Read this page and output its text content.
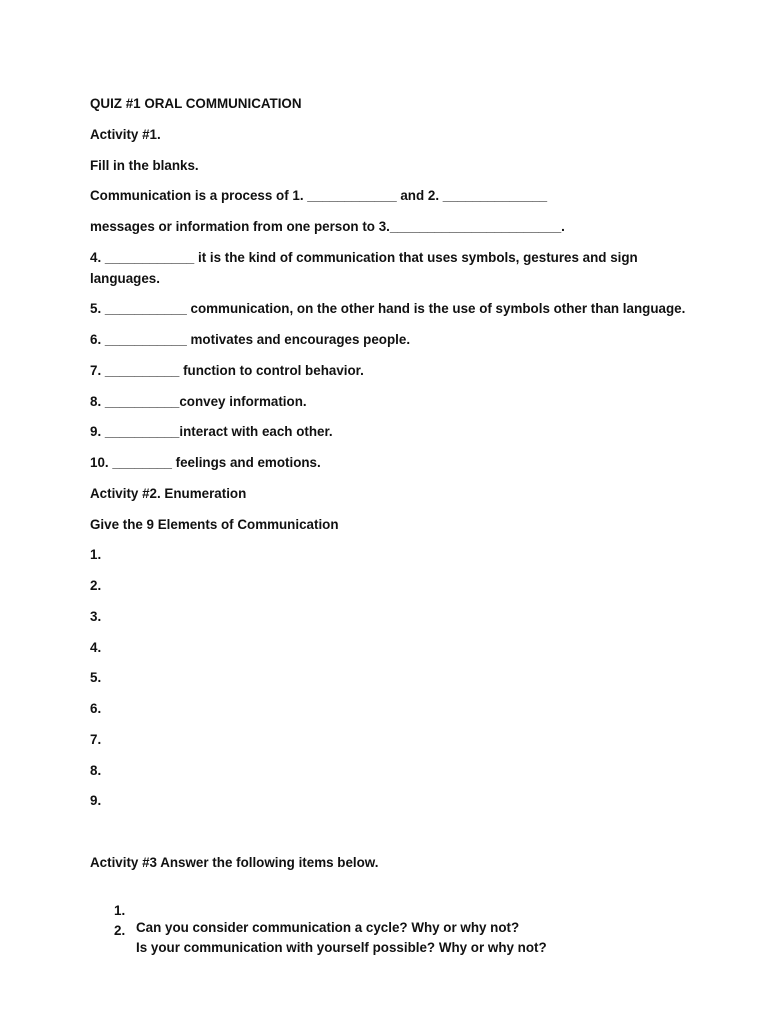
QUIZ #1 ORAL COMMUNICATION
Activity #1.
Fill in the blanks.
Communication is a process of 1. ____________ and 2. ______________
messages or information from one person to 3._______________________.
4. ____________ it is the kind of communication that uses symbols, gestures and sign languages.
5. ___________ communication, on the other hand is the use of symbols other than language.
6. ___________ motivates and encourages people.
7. __________ function to control behavior.
8. __________convey information.
9. __________interact with each other.
10. ________ feelings and emotions.
Activity #2. Enumeration
Give the 9 Elements of Communication
1.
2.
3.
4.
5.
6.
7.
8.
9.
Activity #3 Answer the following items below.

1.

Can you consider communication a cycle? Why or why not?

2.

Is your communication with yourself possible? Why or why not?
